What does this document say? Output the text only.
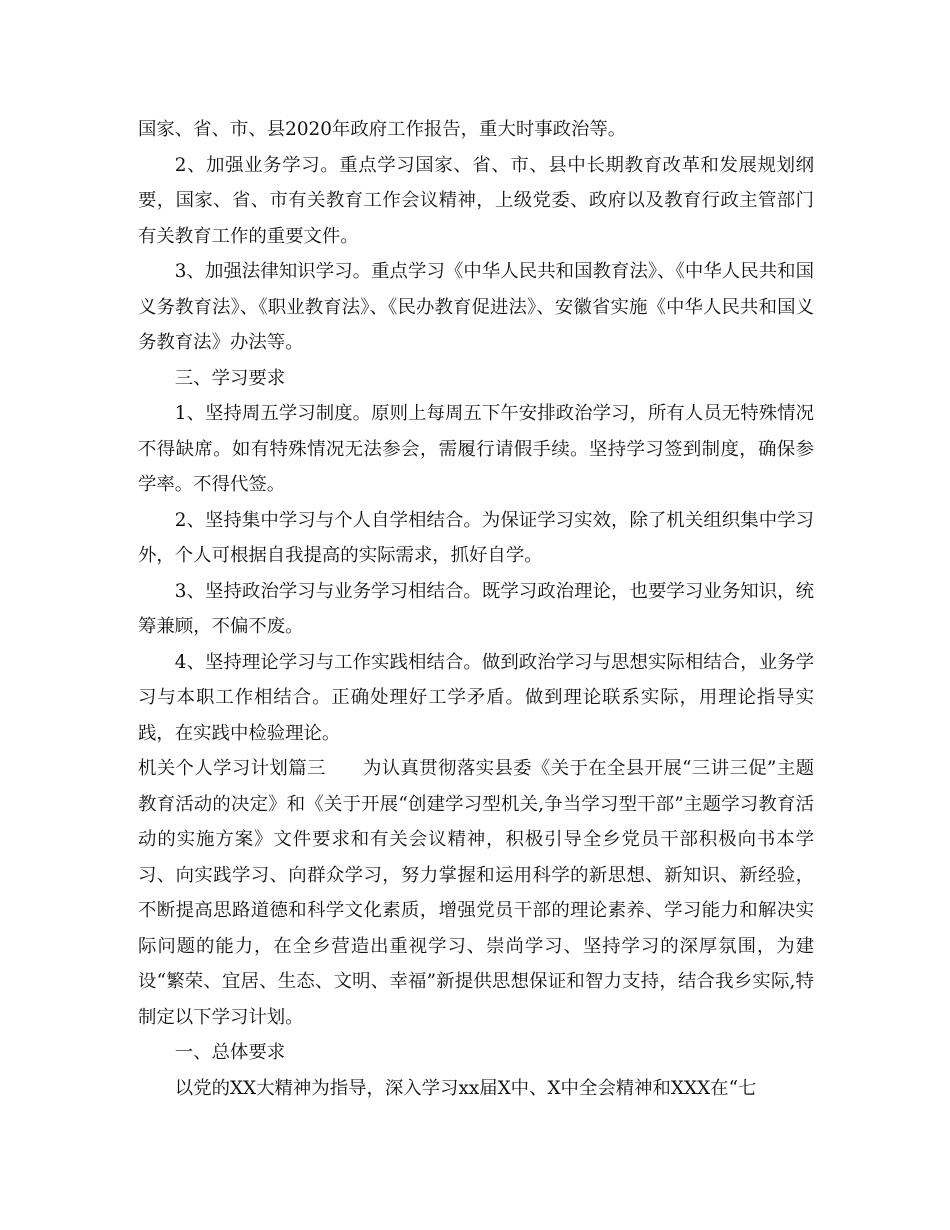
国家、省、市、县2020年政府工作报告，重大时事政治等。

2、加强业务学习。重点学习国家、省、市、县中长期教育改革和发展规划纲要，国家、省、市有关教育工作会议精神，上级党委、政府以及教育行政主管部门有关教育工作的重要文件。

3、加强法律知识学习。重点学习《中华人民共和国教育法》、《中华人民共和国义务教育法》、《职业教育法》、《民办教育促进法》、安徽省实施《中华人民共和国义务教育法》办法等。

三、学习要求

1、坚持周五学习制度。原则上每周五下午安排政治学习，所有人员无特殊情况不得缺席。如有特殊情况无法参会，需履行请假手续。坚持学习签到制度，确保参学率。不得代签。

2、坚持集中学习与个人自学相结合。为保证学习实效，除了机关组织集中学习外，个人可根据自我提高的实际需求，抓好自学。

3、坚持政治学习与业务学习相结合。既学习政治理论，也要学习业务知识，统筹兼顾，不偏不废。

4、坚持理论学习与工作实践相结合。做到政治学习与思想实际相结合，业务学习与本职工作相结合。正确处理好工学矛盾。做到理论联系实际，用理论指导实践，在实践中检验理论。

机关个人学习计划篇三 为认真贯彻落实县委《关于在全县开展“三讲三促”主题教育活动的决定》和《关于开展“创建学习型机关,争当学习型干部”主题学习教育活动的实施方案》文件要求和有关会议精神，积极引导全乡党员干部积极向书本学习、向实践学习、向群众学习，努力掌握和运用科学的新思想、新知识、新经验，不断提高思路道德和科学文化素质，增强党员干部的理论素养、学习能力和解决实际问题的能力，在全乡营造出重视学习、崇尚学习、坚持学习的深厚氛围，为建设“繁荣、宜居、生态、文明、幸福”新提供思想保证和智力支持，结合我乡实际,特制定以下学习计划。

一、总体要求

以党的XX大精神为指导，深入学习xx届X中、X中全会精神和XXX在“七
